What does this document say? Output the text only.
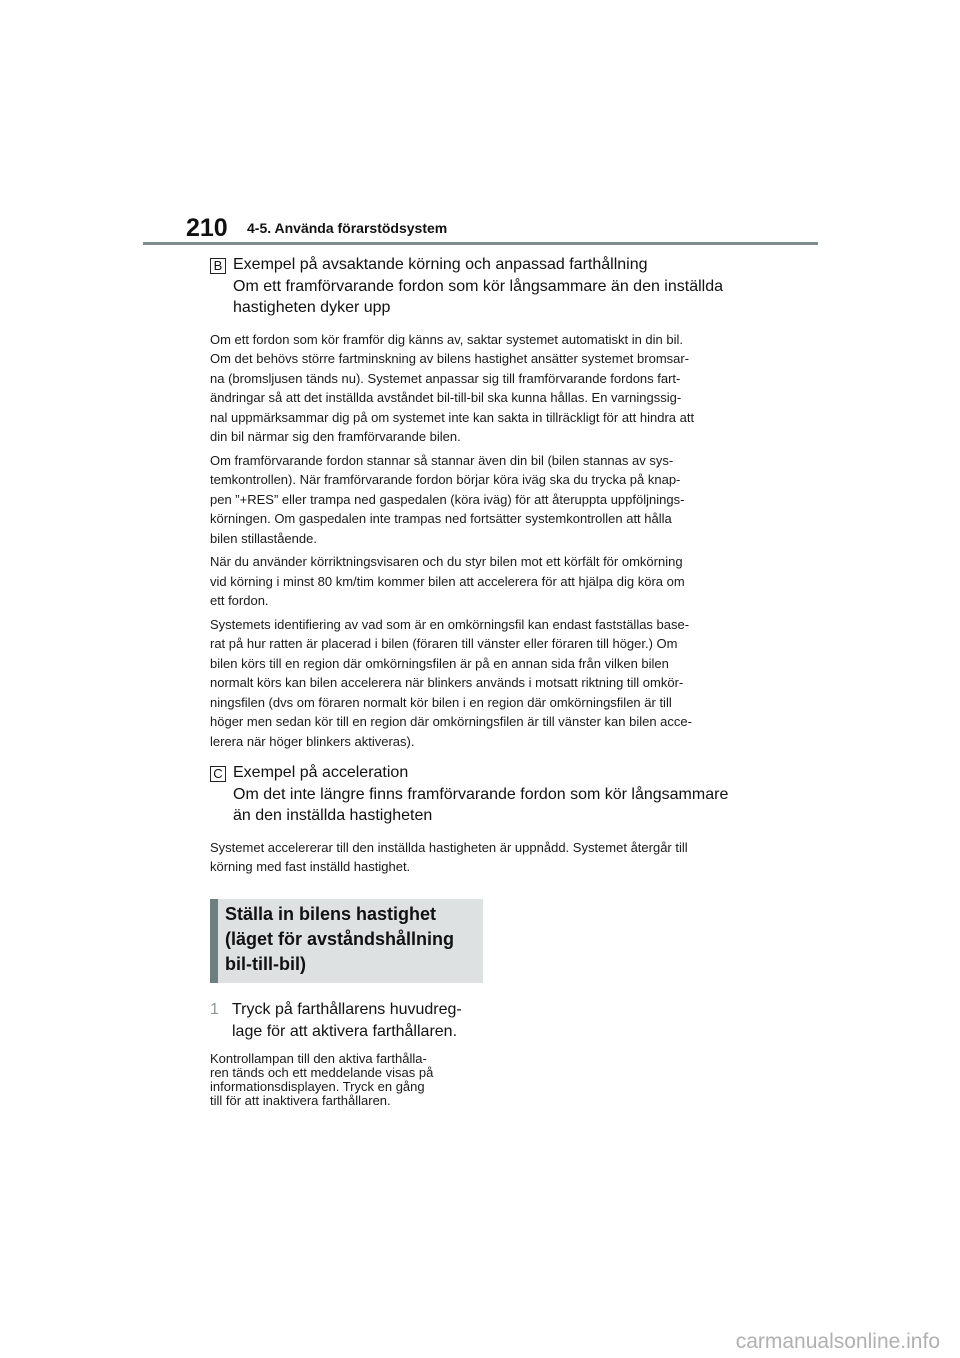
210 4-5. Använda förarstödsystem
B Exempel på avsaktande körning och anpassad farthållning
Om ett framförvarande fordon som kör långsammare än den inställda
hastigheten dyker upp
Om ett fordon som kör framför dig känns av, saktar systemet automatiskt in din bil.
Om det behövs större fartminskning av bilens hastighet ansätter systemet bromsar-
na (bromsljusen tänds nu). Systemet anpassar sig till framförvarande fordons fart-
ändringar så att det inställda avståndet bil-till-bil ska kunna hållas. En varningssig-
nal uppmärksammar dig på om systemet inte kan sakta in tillräckligt för att hindra att
din bil närmar sig den framförvarande bilen.
Om framförvarande fordon stannar så stannar även din bil (bilen stannas av sys-
temkontrollen). När framförvarande fordon börjar köra iväg ska du trycka på knap-
pen ”+RES” eller trampa ned gaspedalen (köra iväg) för att återuppta uppföljnings-
körningen. Om gaspedalen inte trampas ned fortsätter systemkontrollen att hålla
bilen stillastående.
När du använder körriktningsvisaren och du styr bilen mot ett körfält för omkörning
vid körning i minst 80 km/tim kommer bilen att accelerera för att hjälpa dig köra om
ett fordon.
Systemets identifiering av vad som är en omkörningsfil kan endast fastställas base-
rat på hur ratten är placerad i bilen (föraren till vänster eller föraren till höger.) Om
bilen körs till en region där omkörningsfilen är på en annan sida från vilken bilen
normalt körs kan bilen accelerera när blinkers används i motsatt riktning till omkör-
ningsfilen (dvs om föraren normalt kör bilen i en region där omkörningsfilen är till
höger men sedan kör till en region där omkörningsfilen är till vänster kan bilen acce-
lerera när höger blinkers aktiveras).
C Exempel på acceleration
Om det inte längre finns framförvarande fordon som kör långsammare
än den inställda hastigheten
Systemet accelererar till den inställda hastigheten är uppnådd. Systemet återgår till
körning med fast inställd hastighet.
Ställa in bilens hastighet
(läget för avståndshållning
bil-till-bil)
1 Tryck på farthållarens huvudreg-
lage för att aktivera farthållaren.
Kontrollampan till den aktiva farthålla-
ren tänds och ett meddelande visas på
informationsdisplayen. Tryck en gång
till för att inaktivera farthållaren.
carmanualsonline.info
